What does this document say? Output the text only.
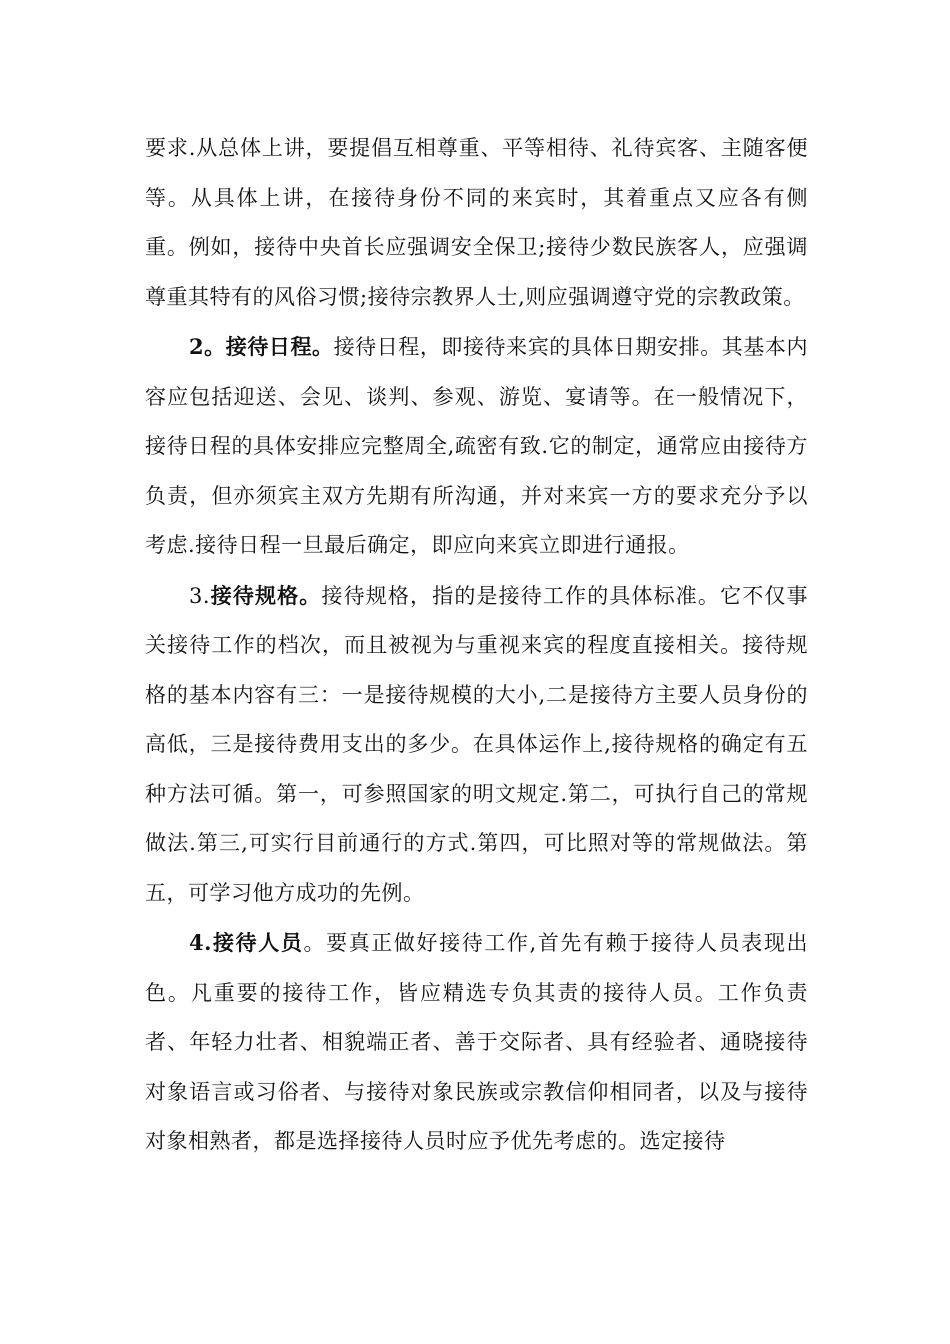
要求.从总体上讲，要提倡互相尊重、平等相待、礼待宾客、主随客便等。从具体上讲，在接待身份不同的来宾时，其着重点又应各有侧重。例如，接待中央首长应强调安全保卫;接待少数民族客人，应强调尊重其特有的风俗习惯;接待宗教界人士,则应强调遵守党的宗教政策。

2。接待日程。接待日程，即接待来宾的具体日期安排。其基本内容应包括迎送、会见、谈判、参观、游览、宴请等。在一般情况下，接待日程的具体安排应完整周全,疏密有致.它的制定，通常应由接待方负责，但亦须宾主双方先期有所沟通，并对来宾一方的要求充分予以考虑.接待日程一旦最后确定，即应向来宾立即进行通报。

3.接待规格。接待规格，指的是接待工作的具体标准。它不仅事关接待工作的档次，而且被视为与重视来宾的程度直接相关。接待规格的基本内容有三：一是接待规模的大小,二是接待方主要人员身份的高低，三是接待费用支出的多少。在具体运作上,接待规格的确定有五种方法可循。第一，可参照国家的明文规定.第二，可执行自己的常规做法.第三,可实行目前通行的方式.第四，可比照对等的常规做法。第五，可学习他方成功的先例。

4.接待人员。要真正做好接待工作,首先有赖于接待人员表现出色。凡重要的接待工作，皆应精选专负其责的接待人员。工作负责者、年轻力壮者、相貌端正者、善于交际者、具有经验者、通晓接待对象语言或习俗者、与接待对象民族或宗教信仰相同者，以及与接待对象相熟者，都是选择接待人员时应予优先考虑的。选定接待
